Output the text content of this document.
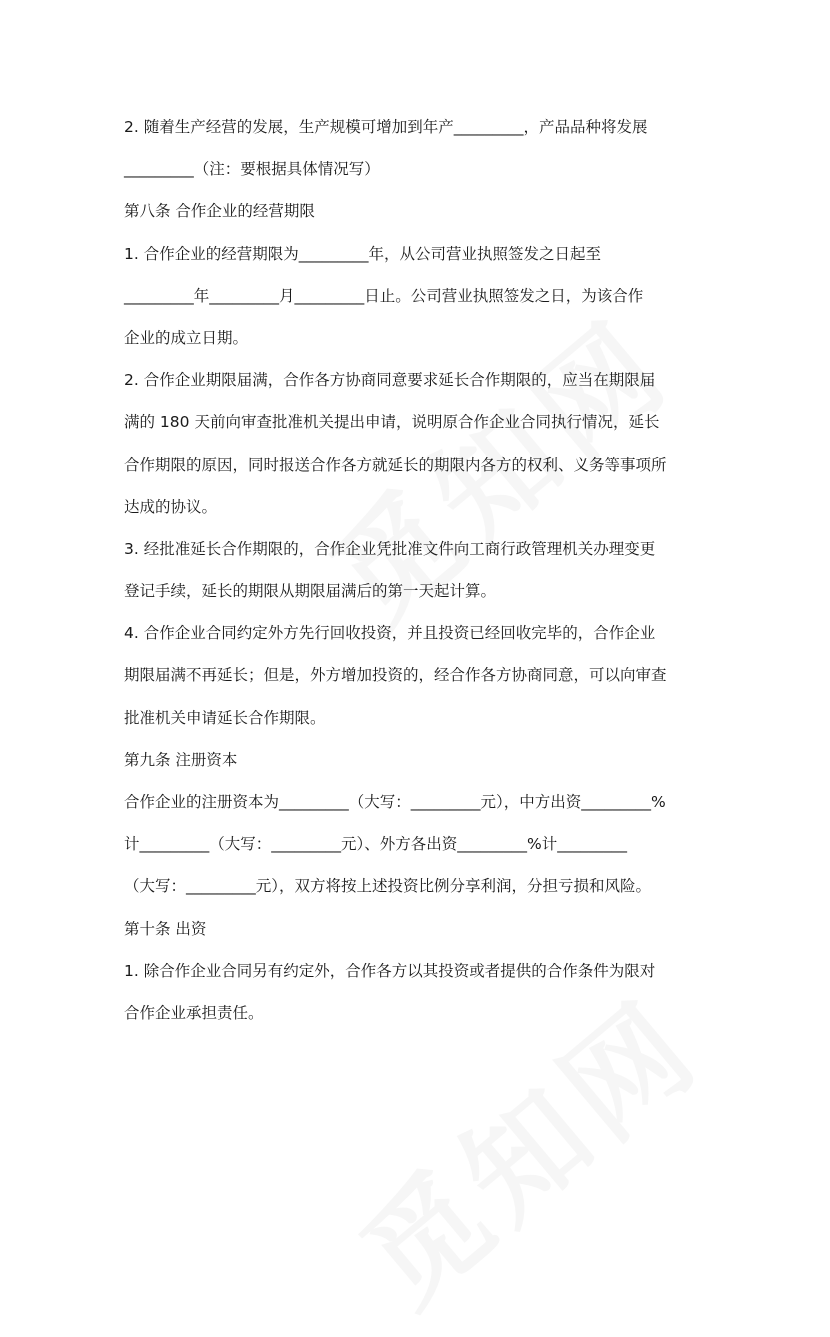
2. 随着生产经营的发展，生产规模可增加到年产_________，产品品种将发展
_________（注：要根据具体情况写）
第八条 合作企业的经营期限
1. 合作企业的经营期限为_________年，从公司营业执照签发之日起至
_________年_________月_________日止。公司营业执照签发之日，为该合作
企业的成立日期。
2. 合作企业期限届满，合作各方协商同意要求延长合作期限的，应当在期限届
满的 180 天前向审查批准机关提出申请，说明原合作企业合同执行情况，延长
合作期限的原因，同时报送合作各方就延长的期限内各方的权利、义务等事项所
达成的协议。
3. 经批准延长合作期限的，合作企业凭批准文件向工商行政管理机关办理变更
登记手续，延长的期限从期限届满后的第一天起计算。
4. 合作企业合同约定外方先行回收投资，并且投资已经回收完毕的，合作企业
期限届满不再延长；但是，外方增加投资的，经合作各方协商同意，可以向审查
批准机关申请延长合作期限。
第九条 注册资本
合作企业的注册资本为_________（大写：_________元），中方出资_________%
计_________（大写：_________元）、外方各出资_________%计_________
（大写：_________元），双方将按上述投资比例分享利润，分担亏损和风险。
第十条 出资
1. 除合作企业合同另有约定外，合作各方以其投资或者提供的合作条件为限对
合作企业承担责任。
